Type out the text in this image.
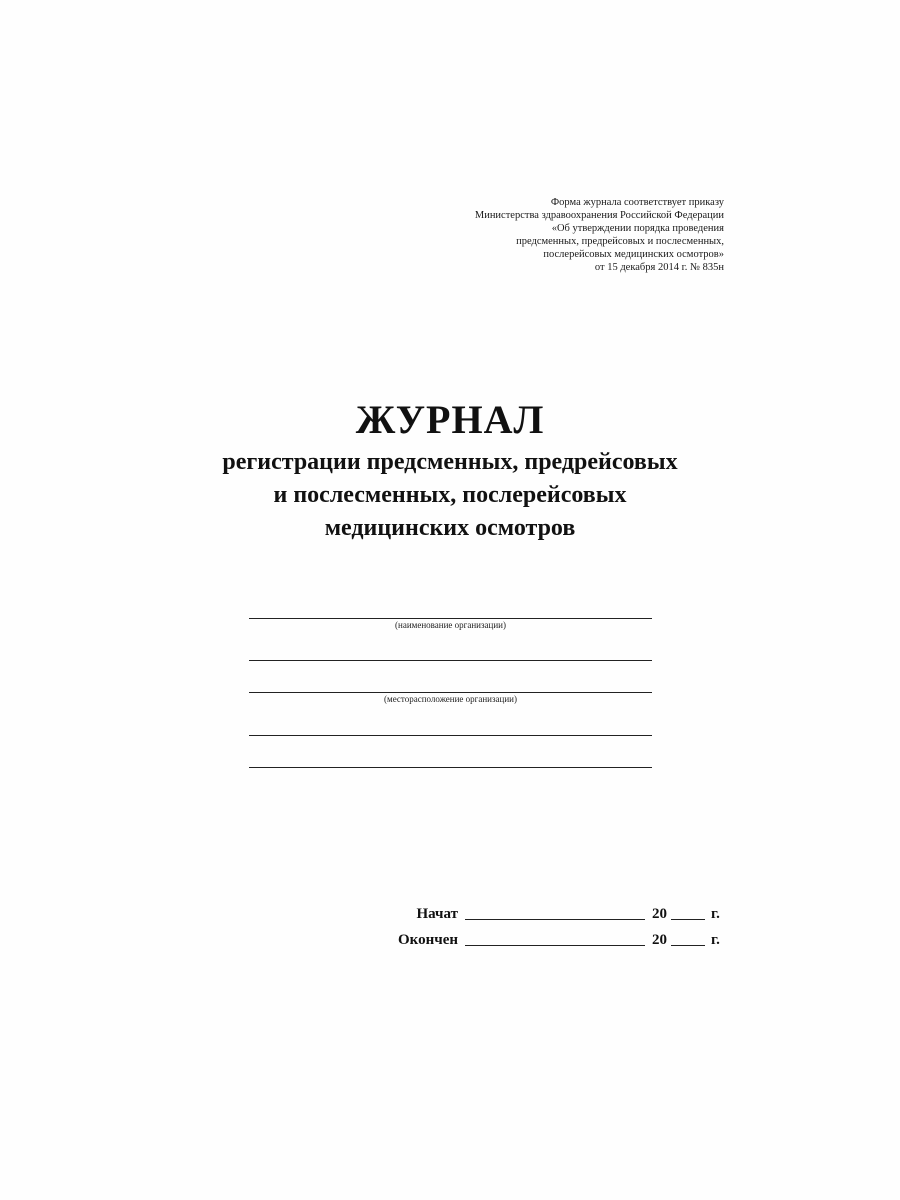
Форма журнала соответствует приказу
Министерства здравоохранения Российской Федерации
«Об утверждении порядка проведения
предсменных, предрейсовых и послесменных,
послерейсовых медицинских осмотров»
от 15 декабря 2014 г. № 835н
ЖУРНАЛ
регистрации предсменных, предрейсовых
и послесменных, послерейсовых
медицинских осмотров
(наименование организации)
(месторасположение организации)
Начат	20	г.
Окончен	20	г.
